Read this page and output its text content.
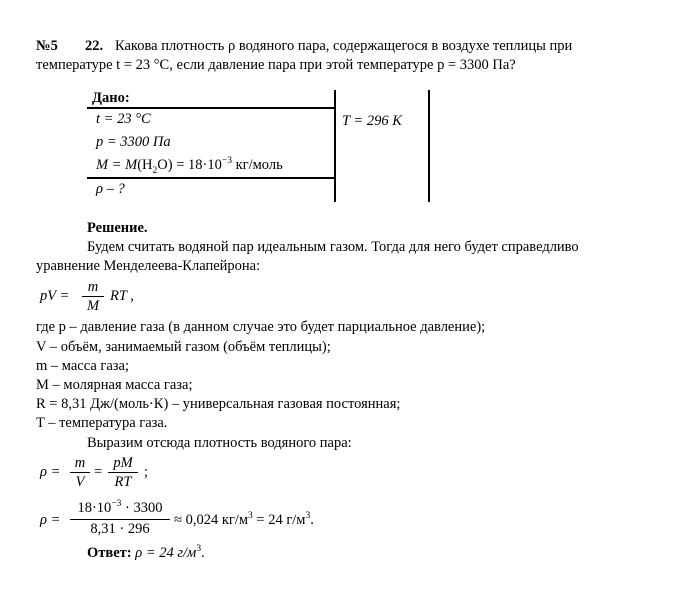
№5 22. Какова плотность ρ водяного пара, содержащегося в воздухе теплицы при
температуре t = 23 °С, если давление пара при этой температуре p = 3300 Па?
Дано:
t = 23 °С
p = 3300 Па
$M = M(H_2O) = 18\cdot 10^{-3}$ кг/моль
ρ – ?
T = 296 К
Решение.
Будем считать водяной пар идеальным газом. Тогда для него будет справедливо
уравнение Менделеева-Клапейрона:
pV =
m
M
RT ,
где p – давление газа (в данном случае это будет парциальное давление);
V – объём, занимаемый газом (объём теплицы);
m – масса газа;
M – молярная масса газа;
R = 8,31 Дж/(моль·К) – универсальная газовая постоянная;
T – температура газа.
Выразим отсюда плотность водяного пара:
ρ =
m
V
=
pM
RT
;
ρ =
$18\cdot 10^{-3} \cdot 3300$
8,31 · 296
≈ 0,024 $кг/м^3 = 24$ $г/м^3$.
Ответ: ρ = 24 $г/м^3$.
